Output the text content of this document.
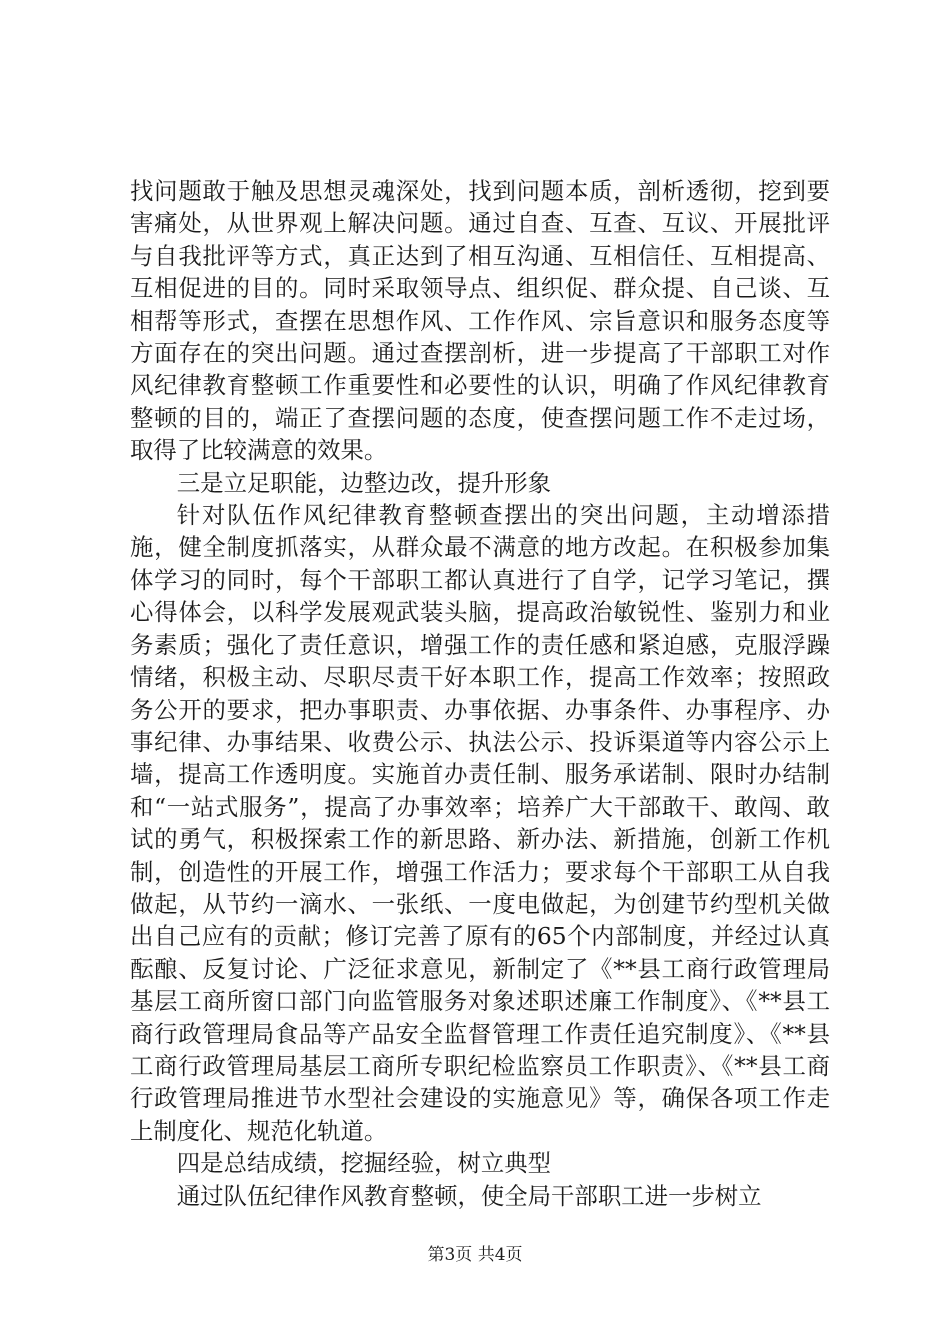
找问题敢于触及思想灵魂深处，找到问题本质，剖析透彻，挖到要害痛处，从世界观上解决问题。通过自查、互查、互议、开展批评与自我批评等方式，真正达到了相互沟通、互相信任、互相提高、互相促进的目的。同时采取领导点、组织促、群众提、自己谈、互相帮等形式，查摆在思想作风、工作作风、宗旨意识和服务态度等方面存在的突出问题。通过查摆剖析，进一步提高了干部职工对作风纪律教育整顿工作重要性和必要性的认识，明确了作风纪律教育整顿的目的，端正了查摆问题的态度，使查摆问题工作不走过场，取得了比较满意的效果。

三是立足职能，边整边改，提升形象

针对队伍作风纪律教育整顿查摆出的突出问题，主动增添措施，健全制度抓落实，从群众最不满意的地方改起。在积极参加集体学习的同时，每个干部职工都认真进行了自学，记学习笔记，撰心得体会，以科学发展观武装头脑，提高政治敏锐性、鉴别力和业务素质；强化了责任意识，增强工作的责任感和紧迫感，克服浮躁情绪，积极主动、尽职尽责干好本职工作，提高工作效率；按照政务公开的要求，把办事职责、办事依据、办事条件、办事程序、办事纪律、办事结果、收费公示、执法公示、投诉渠道等内容公示上墙，提高工作透明度。实施首办责任制、服务承诺制、限时办结制和“一站式服务”，提高了办事效率；培养广大干部敢干、敢闯、敢试的勇气，积极探索工作的新思路、新办法、新措施，创新工作机制，创造性的开展工作，增强工作活力；要求每个干部职工从自我做起，从节约一滴水、一张纸、一度电做起，为创建节约型机关做出自己应有的贡献；修订完善了原有的65个内部制度，并经过认真酝酿、反复讨论、广泛征求意见，新制定了《**县工商行政管理局基层工商所窗口部门向监管服务对象述职述廉工作制度》、《**县工商行政管理局食品等产品安全监督管理工作责任追究制度》、《**县工商行政管理局基层工商所专职纪检监察员工作职责》、《**县工商行政管理局推进节水型社会建设的实施意见》等，确保各项工作走上制度化、规范化轨道。

四是总结成绩，挖掘经验，树立典型

通过队伍纪律作风教育整顿，使全局干部职工进一步树立

第3页 共4页
